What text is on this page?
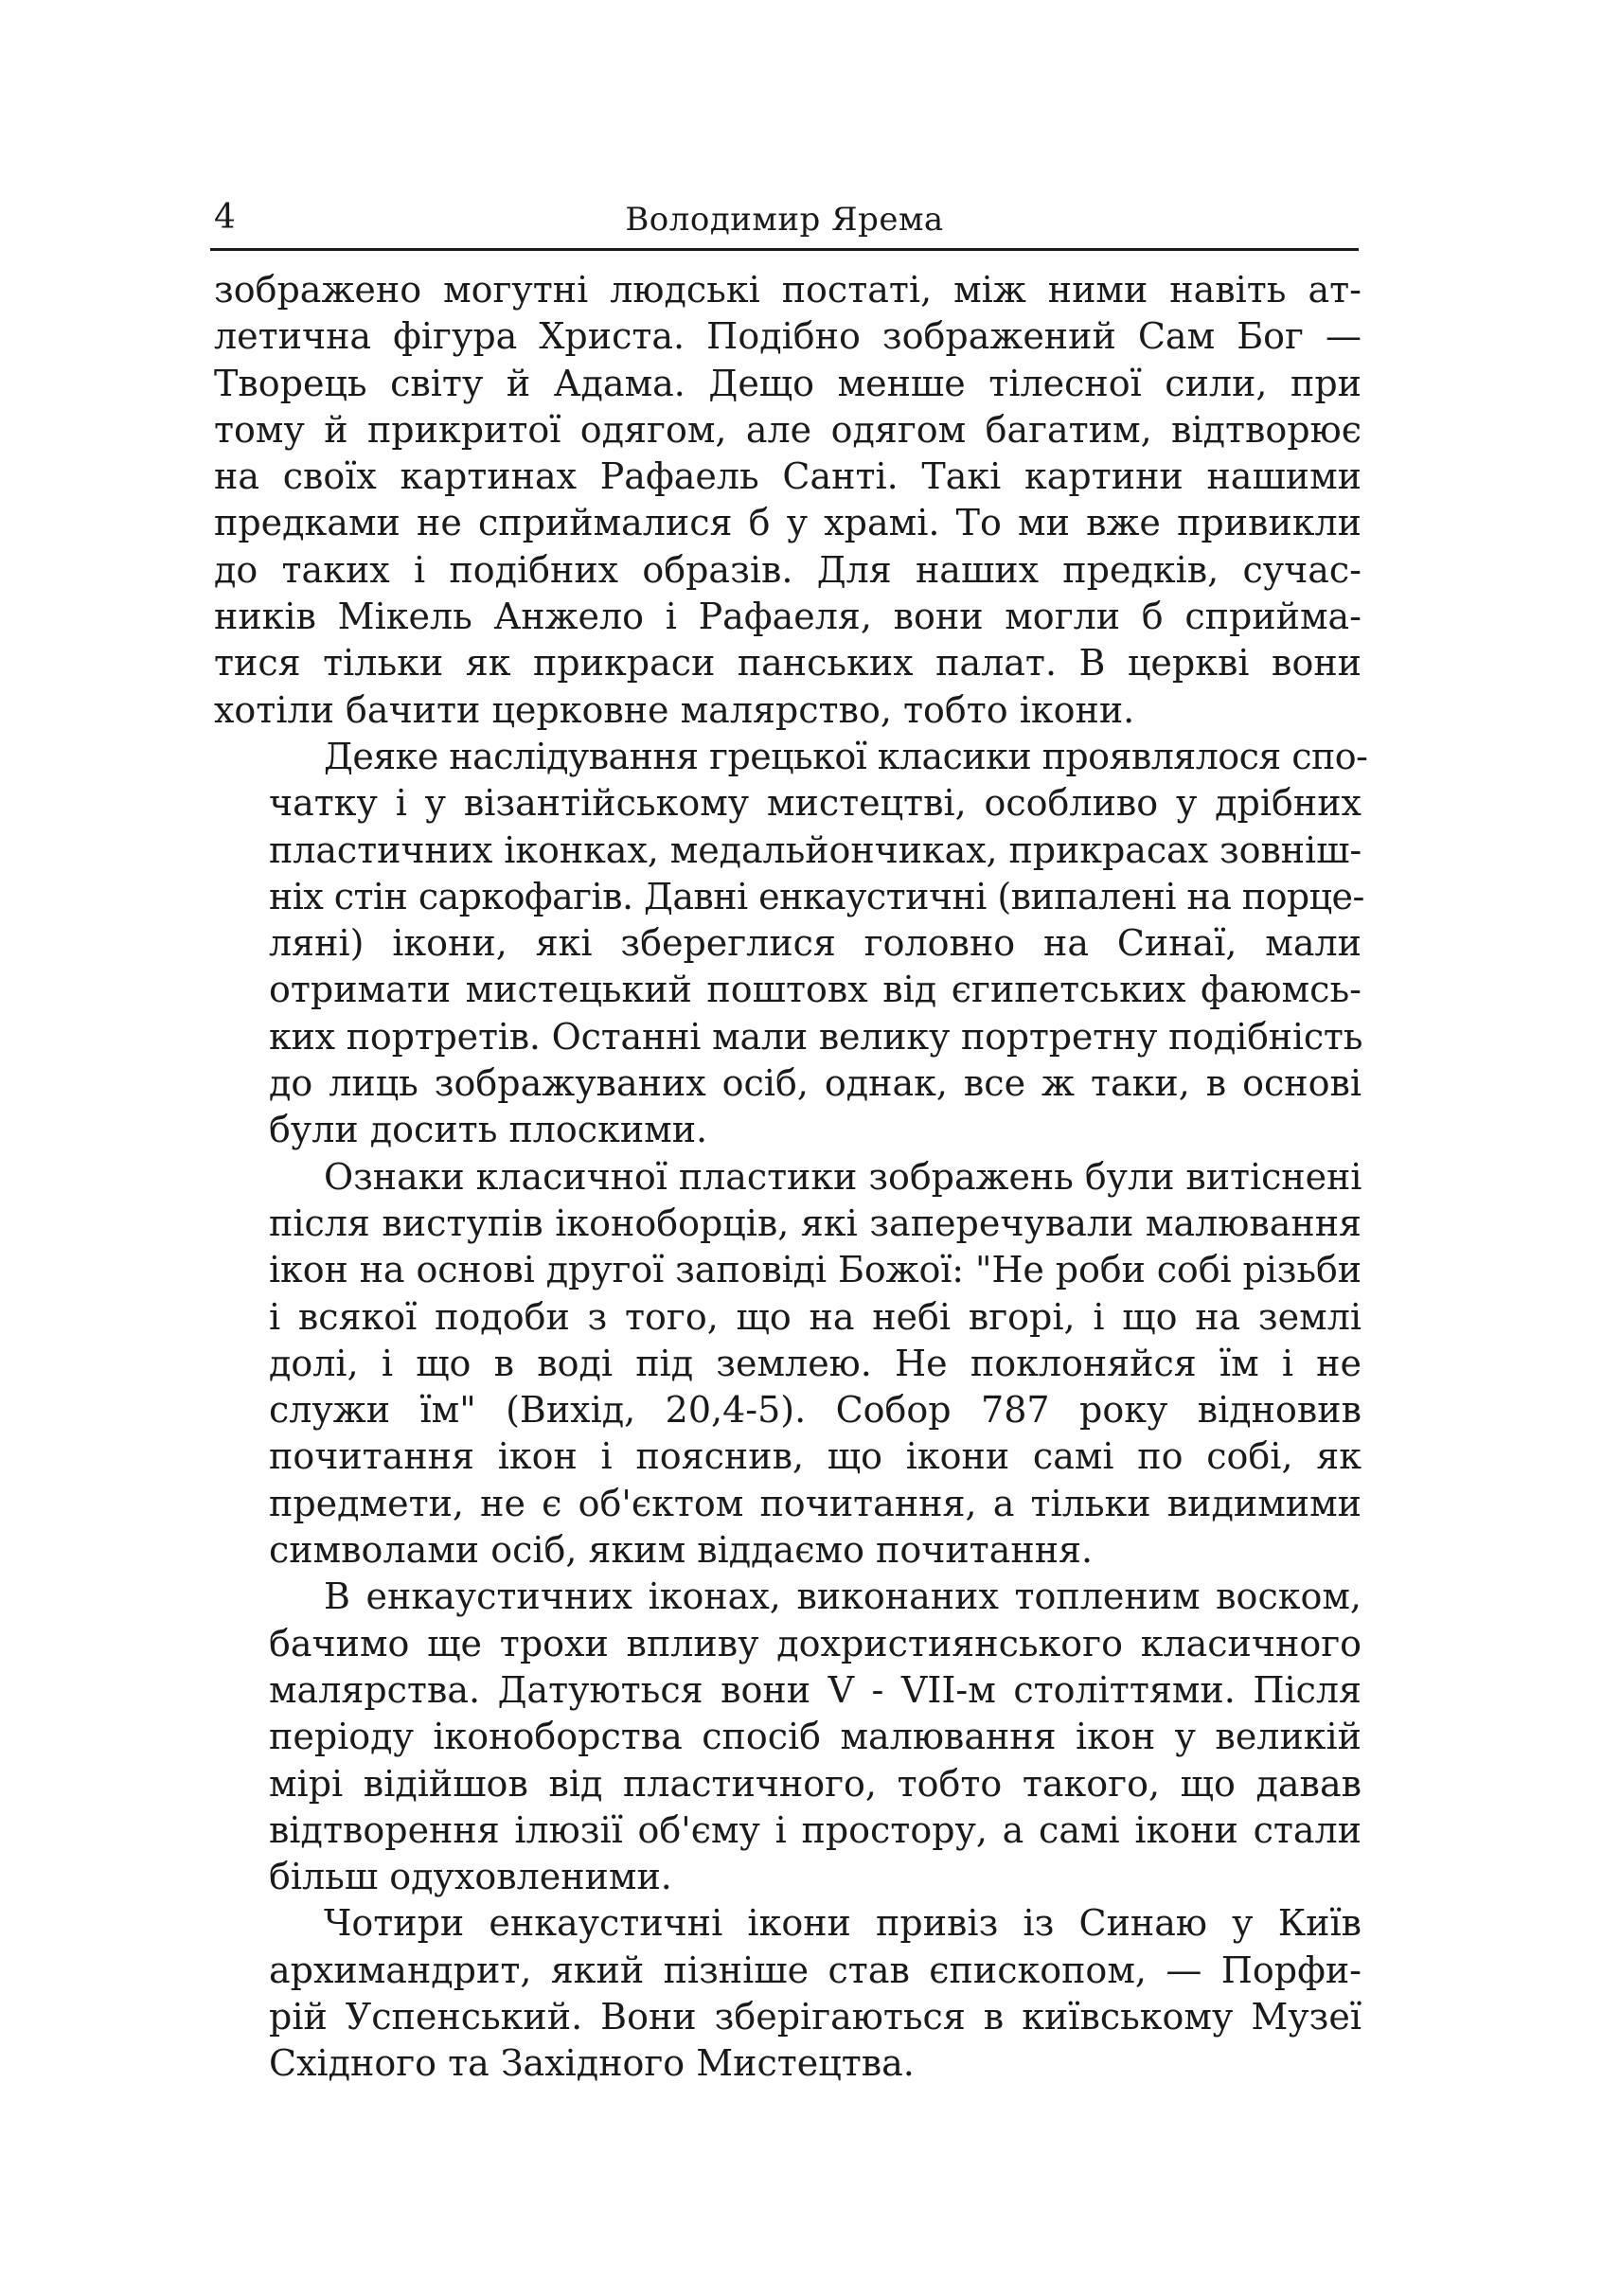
4	Володимир Ярема
зображено могутні людські постаті, між ними навіть ат-
летична фігура Христа. Подібно зображений Сам Бог —
Творець світу й Адама. Дещо менше тілесної сили, при
тому й прикритої одягом, але одягом багатим, відтворює
на своїх картинах Рафаель Санті. Такі картини нашими
предками не сприймалися б у храмі. То ми вже привикли
до таких і подібних образів. Для наших предків, сучас-
ників Мікель Анжело і Рафаеля, вони могли б сприйма-
тися тільки як прикраси панських палат. В церкві вони
хотіли бачити церковне малярство, тобто ікони.
Деяке наслідування грецької класики проявлялося спо-
чатку і у візантійському мистецтві, особливо у дрібних
пластичних іконках, медальйончиках, прикрасах зовніш-
ніх стін саркофагів. Давні енкаустичні (випалені на порце-
ляні) ікони, які збереглися головно на Синаї, мали
отримати мистецький поштовх від єгипетських фаюмсь-
ких портретів. Останні мали велику портретну подібність
до лиць зображуваних осіб, однак, все ж таки, в основі
були досить плоскими.
Ознаки класичної пластики зображень були витіснені
після виступів іконоборців, які заперечували малювання
ікон на основі другої заповіді Божої: "Не роби собі різьби
і всякої подоби з того, що на небі вгорі, і що на землі
долі, і що в воді під землею. Не поклоняйся їм і не
служи їм" (Вихід, 20,4-5). Собор 787 року відновив
почитання ікон і пояснив, що ікони самі по собі, як
предмети, не є об'єктом почитання, а тільки видимими
символами осіб, яким віддаємо почитання.
В енкаустичних іконах, виконаних топленим воском,
бачимо ще трохи впливу дохристиянського класичного
малярства. Датуються вони V - VII-м століттями. Після
періоду іконоборства спосіб малювання ікон у великій
мірі відійшов від пластичного, тобто такого, що давав
відтворення ілюзії об'єму і простору, а самі ікони стали
більш одуховленими.
Чотири енкаустичні ікони привіз із Синаю у Київ
архимандрит, який пізніше став єпископом, — Порфи-
рій Успенський. Вони зберігаються в київському Музеї
Східного та Західного Мистецтва.
